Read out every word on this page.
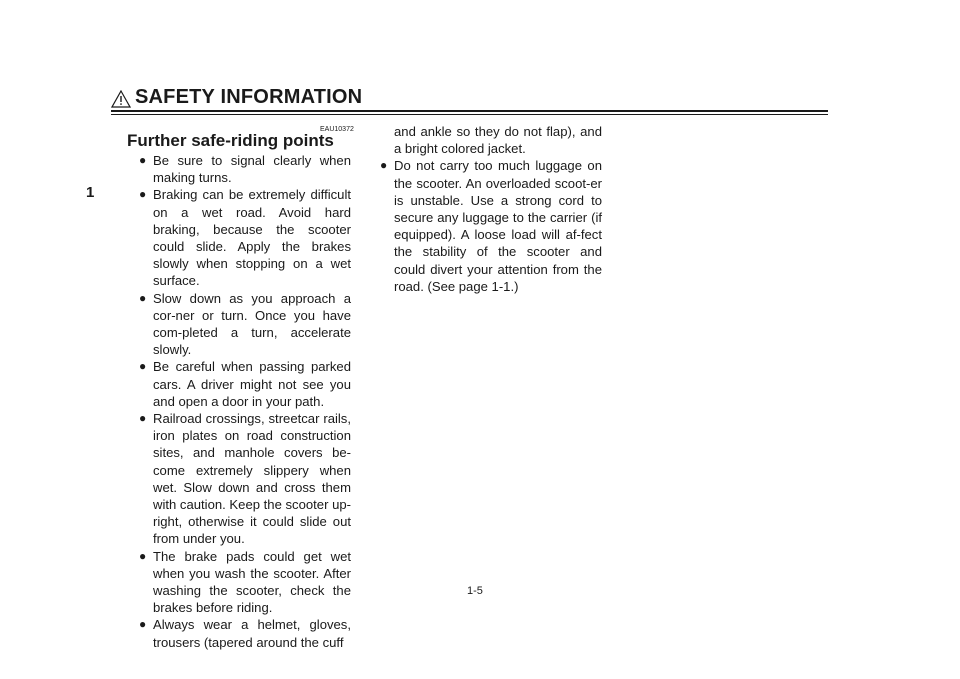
SAFETY INFORMATION
1
EAU10372
Further safe-riding points
● Be sure to signal clearly when making turns.
● Braking can be extremely difficult on a wet road. Avoid hard braking, because the scooter could slide. Apply the brakes slowly when stopping on a wet surface.
● Slow down as you approach a cor-ner or turn. Once you have com-pleted a turn, accelerate slowly.
● Be careful when passing parked cars. A driver might not see you and open a door in your path.
● Railroad crossings, streetcar rails, iron plates on road construction sites, and manhole covers be-come extremely slippery when wet. Slow down and cross them with caution. Keep the scooter up-right, otherwise it could slide out from under you.
● The brake pads could get wet when you wash the scooter. After washing the scooter, check the brakes before riding.
● Always wear a helmet, gloves, trousers (tapered around the cuff
and ankle so they do not flap), and a bright colored jacket.
● Do not carry too much luggage on the scooter. An overloaded scoot-er is unstable. Use a strong cord to secure any luggage to the carrier (if equipped). A loose load will af-fect the stability of the scooter and could divert your attention from the road. (See page 1-1.)
1-5
